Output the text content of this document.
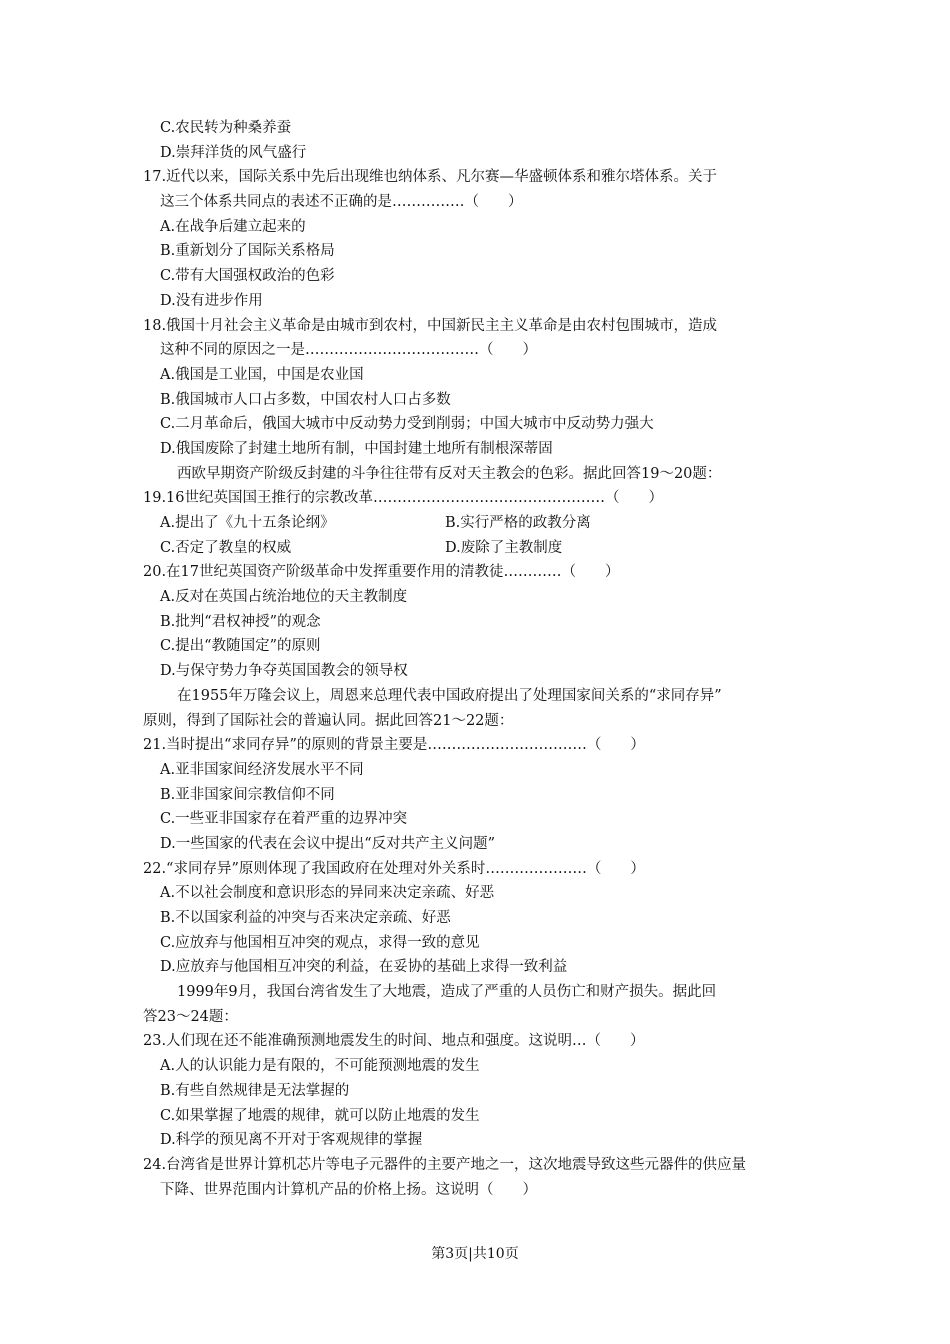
C.农民转为种桑养蚕
D.崇拜洋货的风气盛行
17.近代以来，国际关系中先后出现维也纳体系、凡尔赛—华盛顿体系和雅尔塔体系。关于
这三个体系共同点的表述不正确的是……………（　　）
A.在战争后建立起来的
B.重新划分了国际关系格局
C.带有大国强权政治的色彩
D.没有进步作用
18.俄国十月社会主义革命是由城市到农村，中国新民主主义革命是由农村包围城市，造成
这种不同的原因之一是………………………………（　　）
A.俄国是工业国，中国是农业国
B.俄国城市人口占多数，中国农村人口占多数
C.二月革命后，俄国大城市中反动势力受到削弱；中国大城市中反动势力强大
D.俄国废除了封建土地所有制，中国封建土地所有制根深蒂固
西欧早期资产阶级反封建的斗争往往带有反对天主教会的色彩。据此回答19～20题：
19.16世纪英国国王推行的宗教改革…………………………………………（　　）
A.提出了《九十五条论纲》	B.实行严格的政教分离
C.否定了教皇的权威	D.废除了主教制度
20.在17世纪英国资产阶级革命中发挥重要作用的清教徒…………（　　）
A.反对在英国占统治地位的天主教制度
B.批判“君权神授”的观念
C.提出“教随国定”的原则
D.与保守势力争夺英国国教会的领导权
在1955年万隆会议上，周恩来总理代表中国政府提出了处理国家间关系的“求同存异”
原则，得到了国际社会的普遍认同。据此回答21～22题：
21.当时提出“求同存异”的原则的背景主要是……………………………（　　）
A.亚非国家间经济发展水平不同
B.亚非国家间宗教信仰不同
C.一些亚非国家存在着严重的边界冲突
D.一些国家的代表在会议中提出“反对共产主义问题”
22.“求同存异”原则体现了我国政府在处理对外关系时…………………（　　）
A.不以社会制度和意识形态的异同来决定亲疏、好恶
B.不以国家利益的冲突与否来决定亲疏、好恶
C.应放弃与他国相互冲突的观点，求得一致的意见
D.应放弃与他国相互冲突的利益，在妥协的基础上求得一致利益
1999年9月，我国台湾省发生了大地震，造成了严重的人员伤亡和财产损失。据此回
答23～24题：
23.人们现在还不能准确预测地震发生的时间、地点和强度。这说明…（　　）
A.人的认识能力是有限的，不可能预测地震的发生
B.有些自然规律是无法掌握的
C.如果掌握了地震的规律，就可以防止地震的发生
D.科学的预见离不开对于客观规律的掌握
24.台湾省是世界计算机芯片等电子元器件的主要产地之一，这次地震导致这些元器件的供应量
下降、世界范围内计算机产品的价格上扬。这说明（　　）
第3页|共10页
